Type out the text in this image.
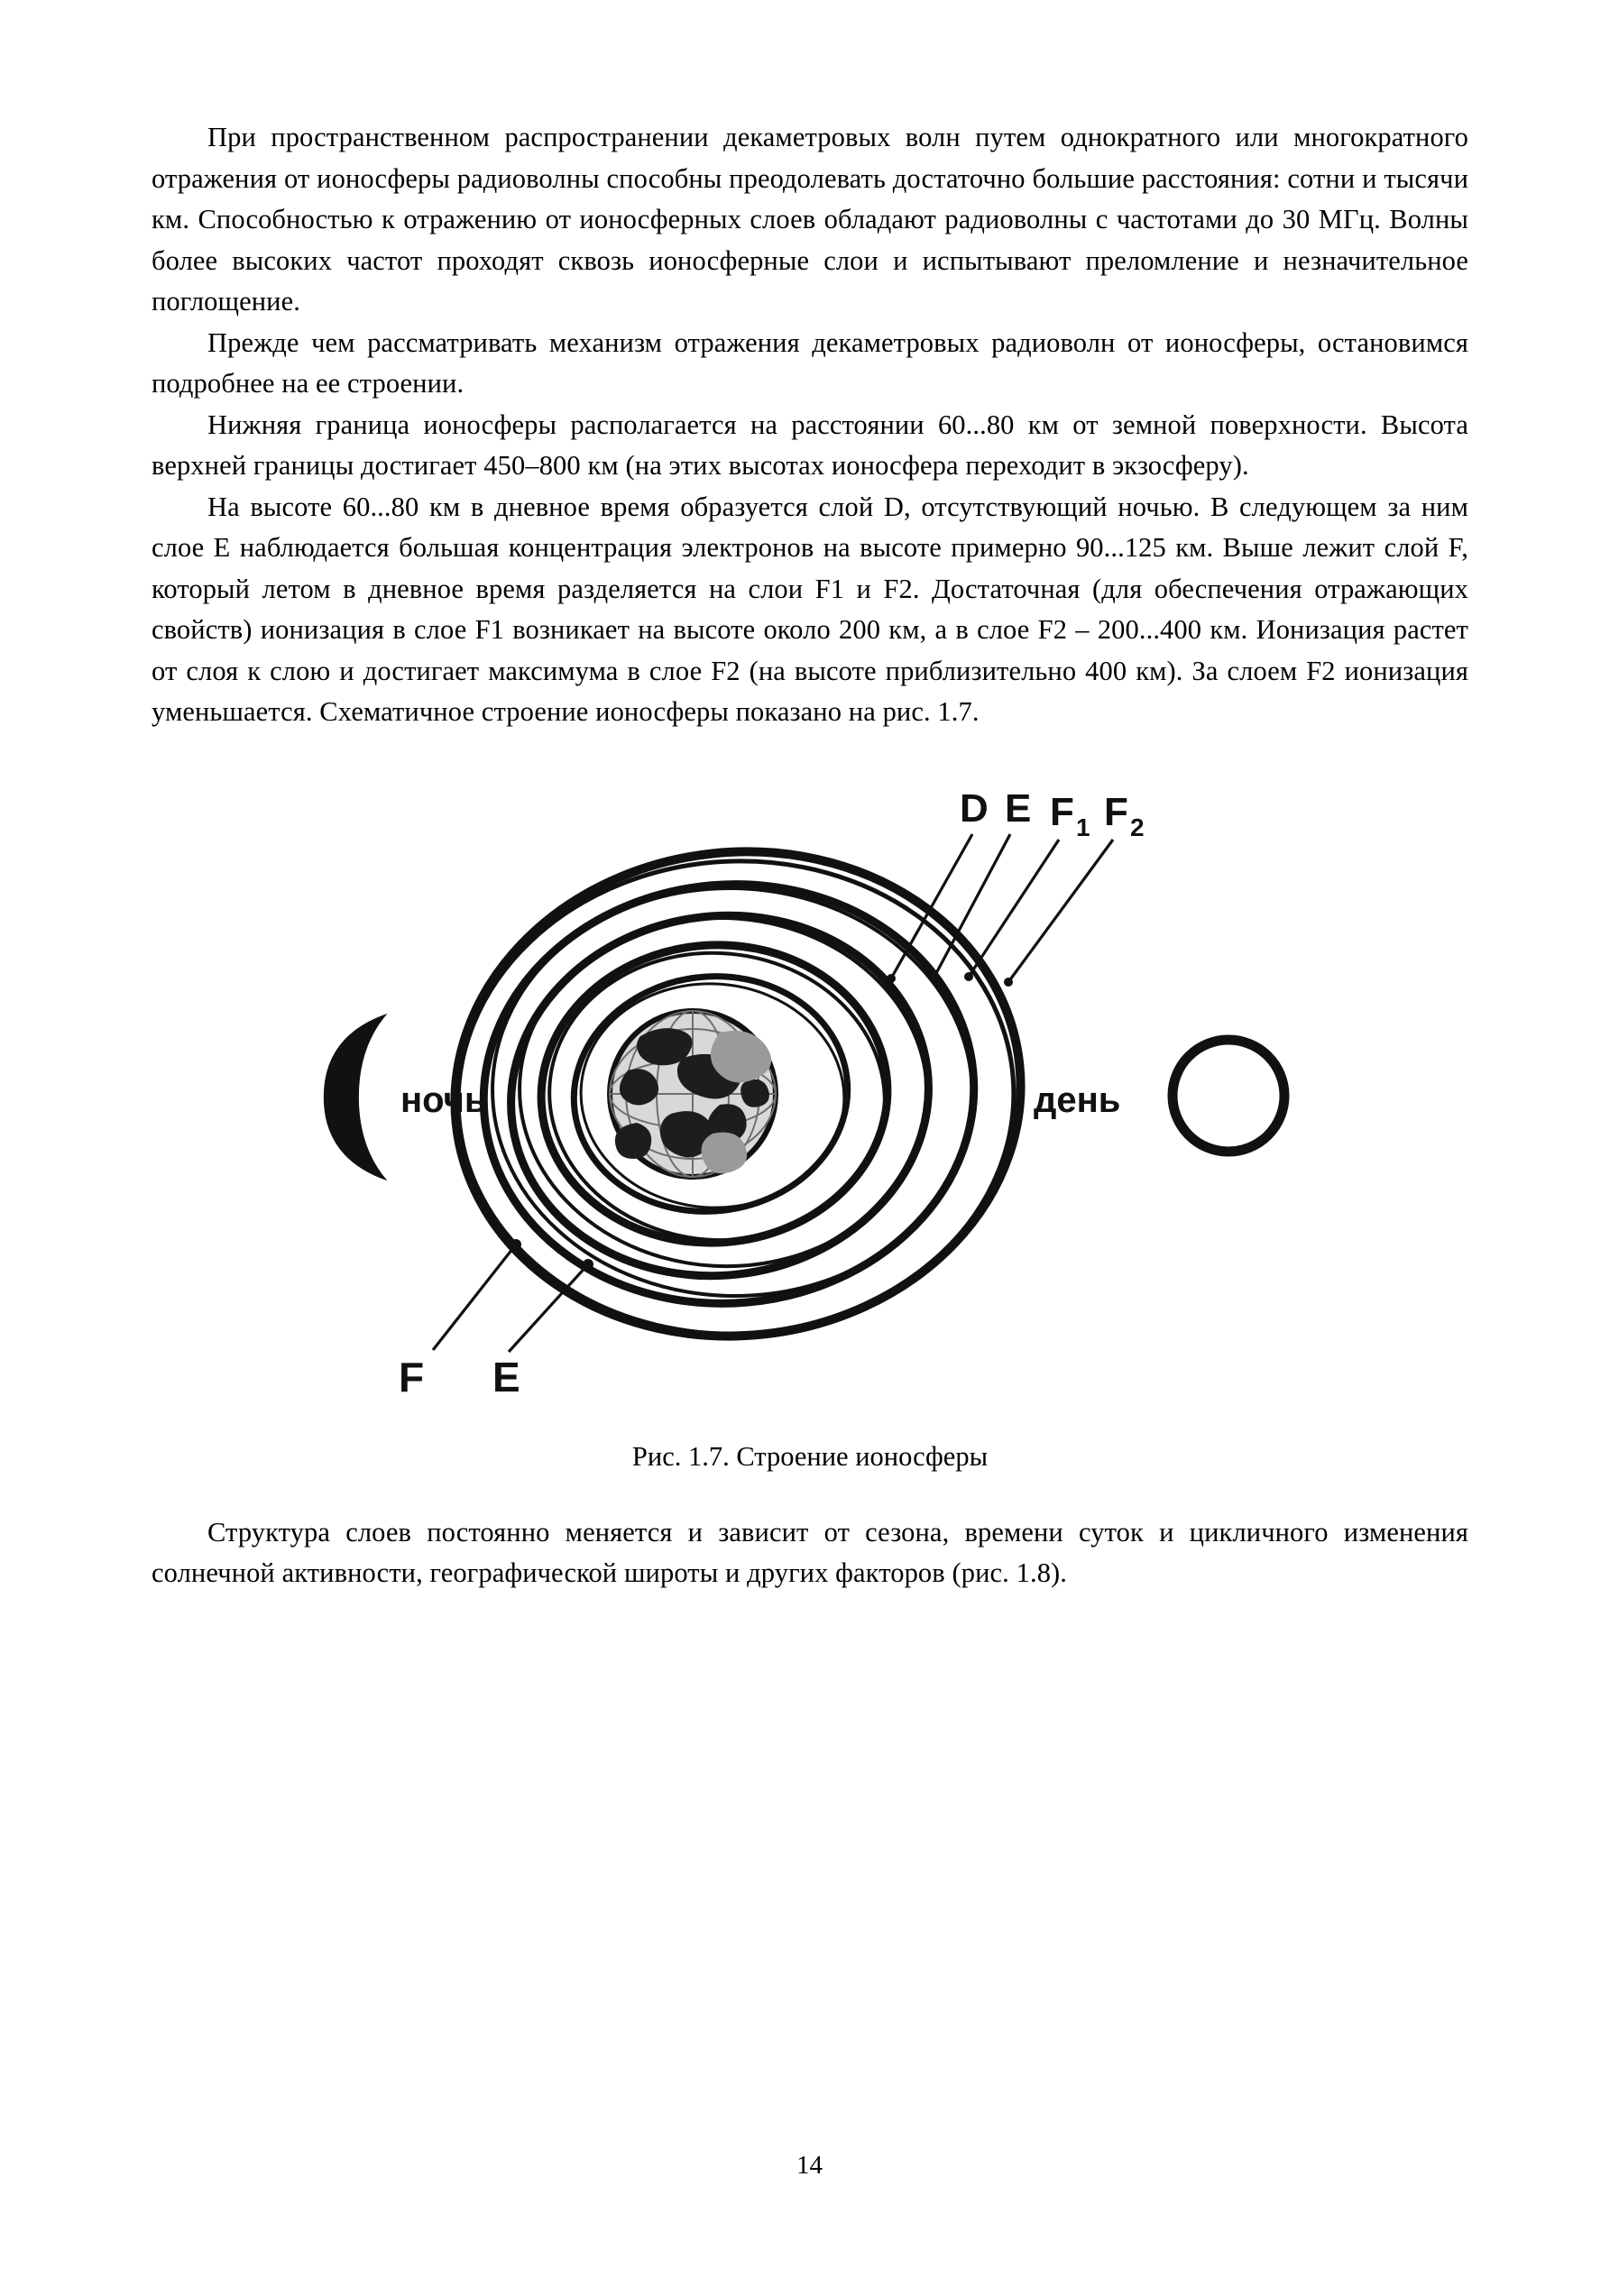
При пространственном распространении декаметровых волн путем однократного или многократного отражения от ионосферы радиоволны способны преодолевать достаточно большие расстояния: сотни и тысячи км. Способностью к отражению от ионосферных слоев обладают радиоволны с частотами до 30 МГц. Волны более высоких частот проходят сквозь ионосферные слои и испытывают преломление и незначительное поглощение.

Прежде чем рассматривать механизм отражения декаметровых радиоволн от ионосферы, остановимся подробнее на ее строении.

Нижняя граница ионосферы располагается на расстоянии 60...80 км от земной поверхности. Высота верхней границы достигает 450–800 км (на этих высотах ионосфера переходит в экзосферу).

На высоте 60...80 км в дневное время образуется слой D, отсутствующий ночью. В следующем за ним слое E наблюдается большая концентрация электронов на высоте примерно 90...125 км. Выше лежит слой F, который летом в дневное время разделяется на слои F1 и F2. Достаточная (для обеспечения отражающих свойств) ионизация в слое F1 возникает на высоте около 200 км, а в слое F2 – 200...400 км. Ионизация растет от слоя к слою и достигает максимума в слое F2 (на высоте приблизительно 400 км). За слоем F2 ионизация уменьшается. Схематичное строение ионосферы показано на рис. 1.7.

D E F 1 F 2
ночь	день
F E
Рис. 1.7. Строение ионосферы

Структура слоев постоянно меняется и зависит от сезона, времени суток и цикличного изменения солнечной активности, географической широты и других факторов (рис. 1.8).

14
